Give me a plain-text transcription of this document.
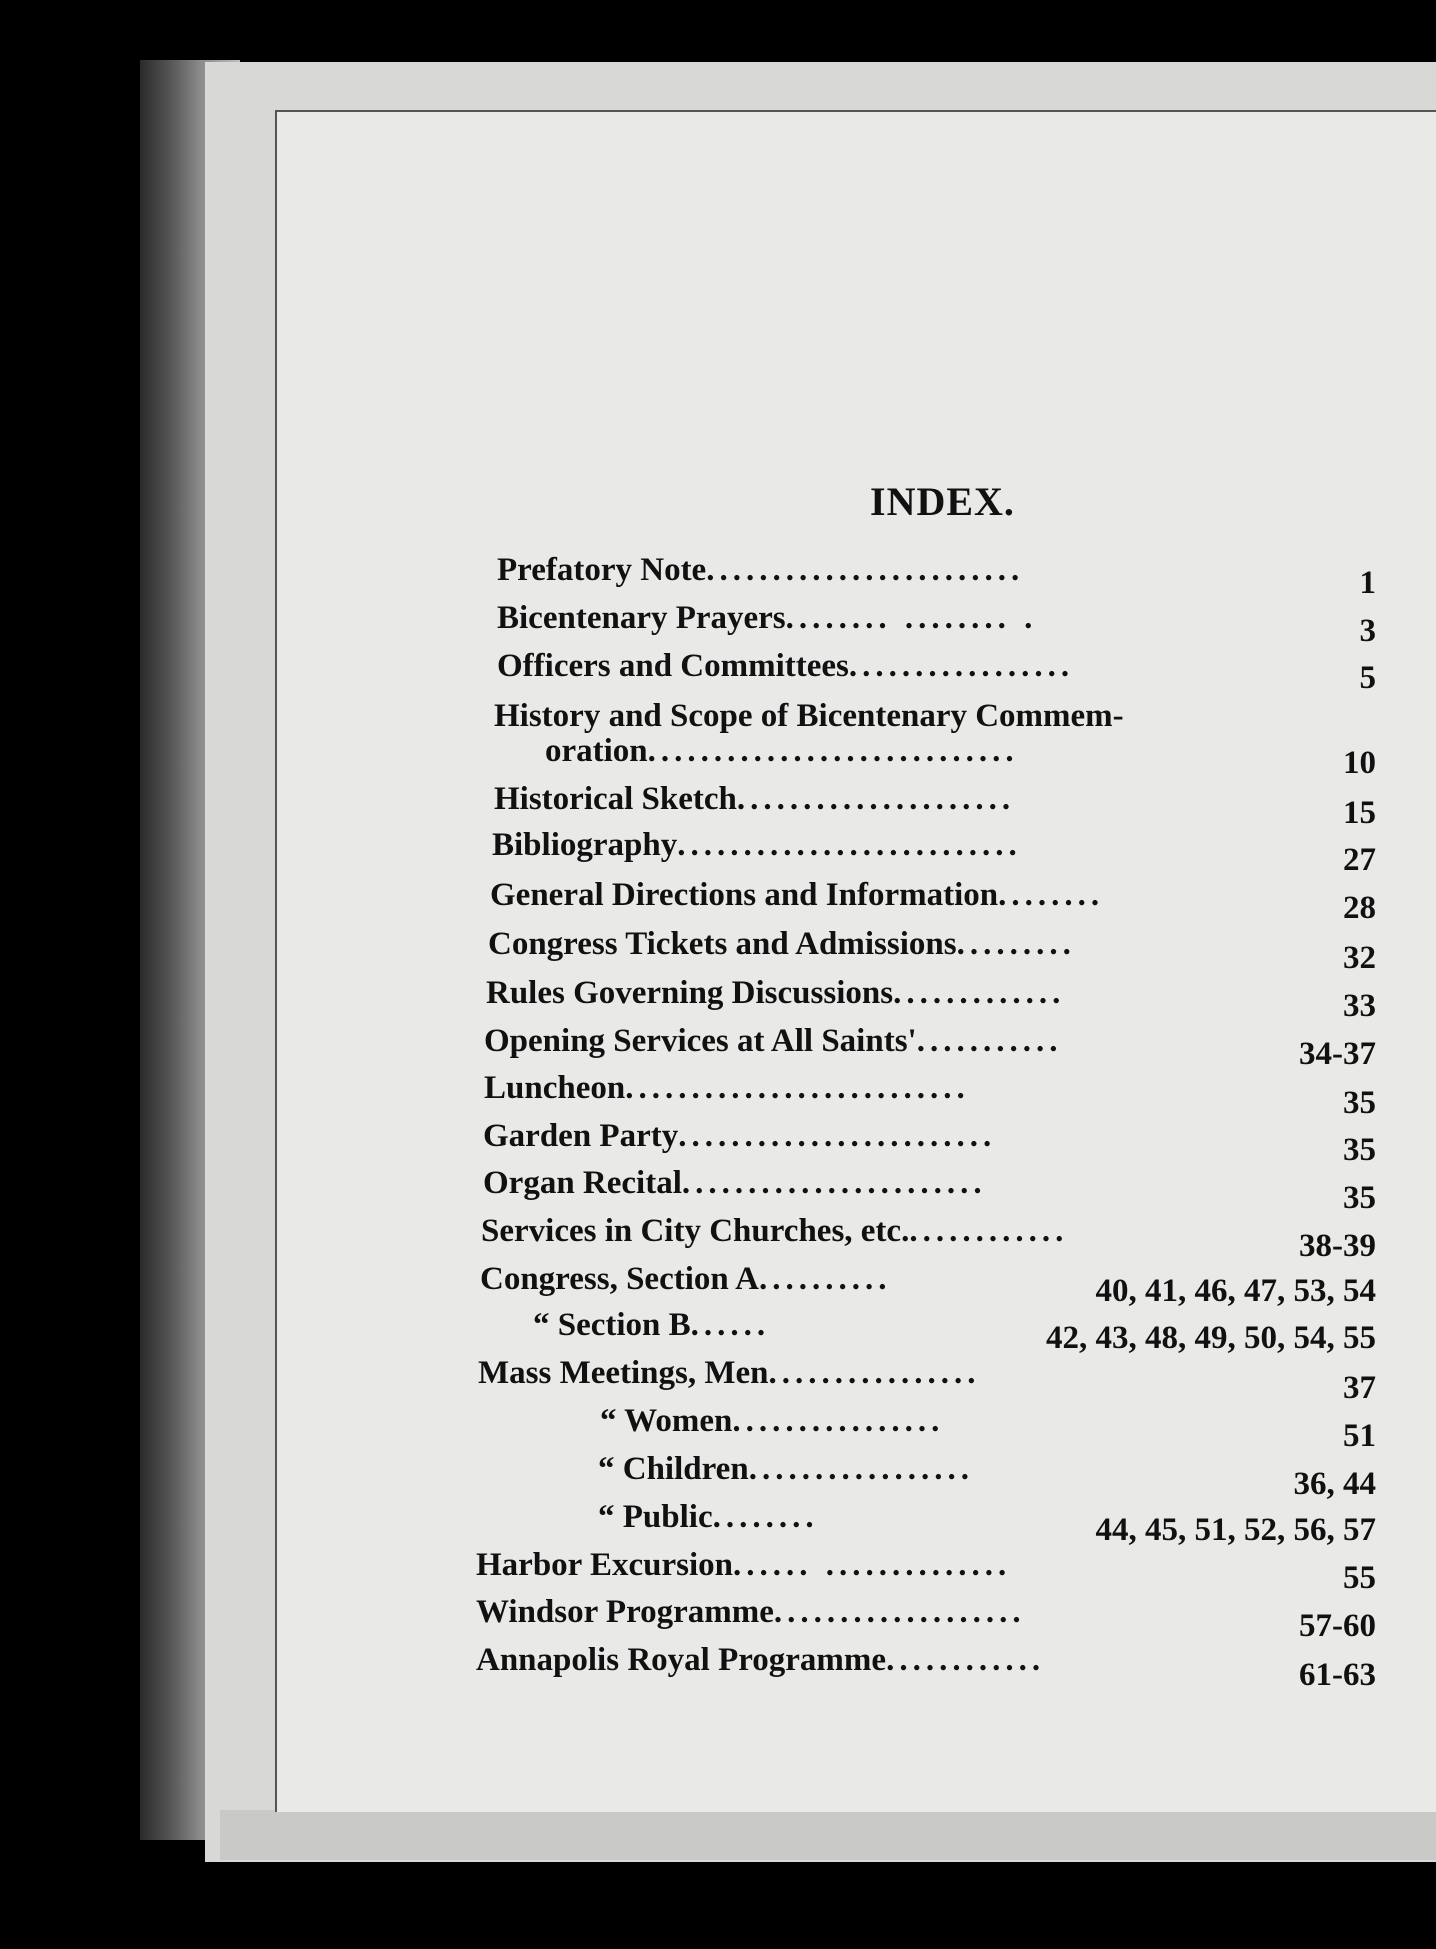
INDEX.
Prefatory Note........................	1
Bicentenary Prayers........ ........ .	3
Officers and Committees.................	5
History and Scope of Bicentenary Commem-
oration............................	10
Historical Sketch.....................	15
Bibliography..........................	27
General Directions and Information........	28
Congress Tickets and Admissions.........	32
Rules Governing Discussions.............	33
Opening Services at All Saints'...........	34-37
Luncheon..........................	35
Garden Party........................	35
Organ Recital.......................	35
Services in City Churches, etc.............	38-39
Congress, Section A..........	40, 41, 46, 47, 53, 54
“ Section B......	42, 43, 48, 49, 50, 54, 55
Mass Meetings, Men................	37
“ Women................	51
“ Children.................	36, 44
“ Public........	44, 45, 51, 52, 56, 57
Harbor Excursion...... ..............	55
Windsor Programme...................	57-60
Annapolis Royal Programme............	61-63
